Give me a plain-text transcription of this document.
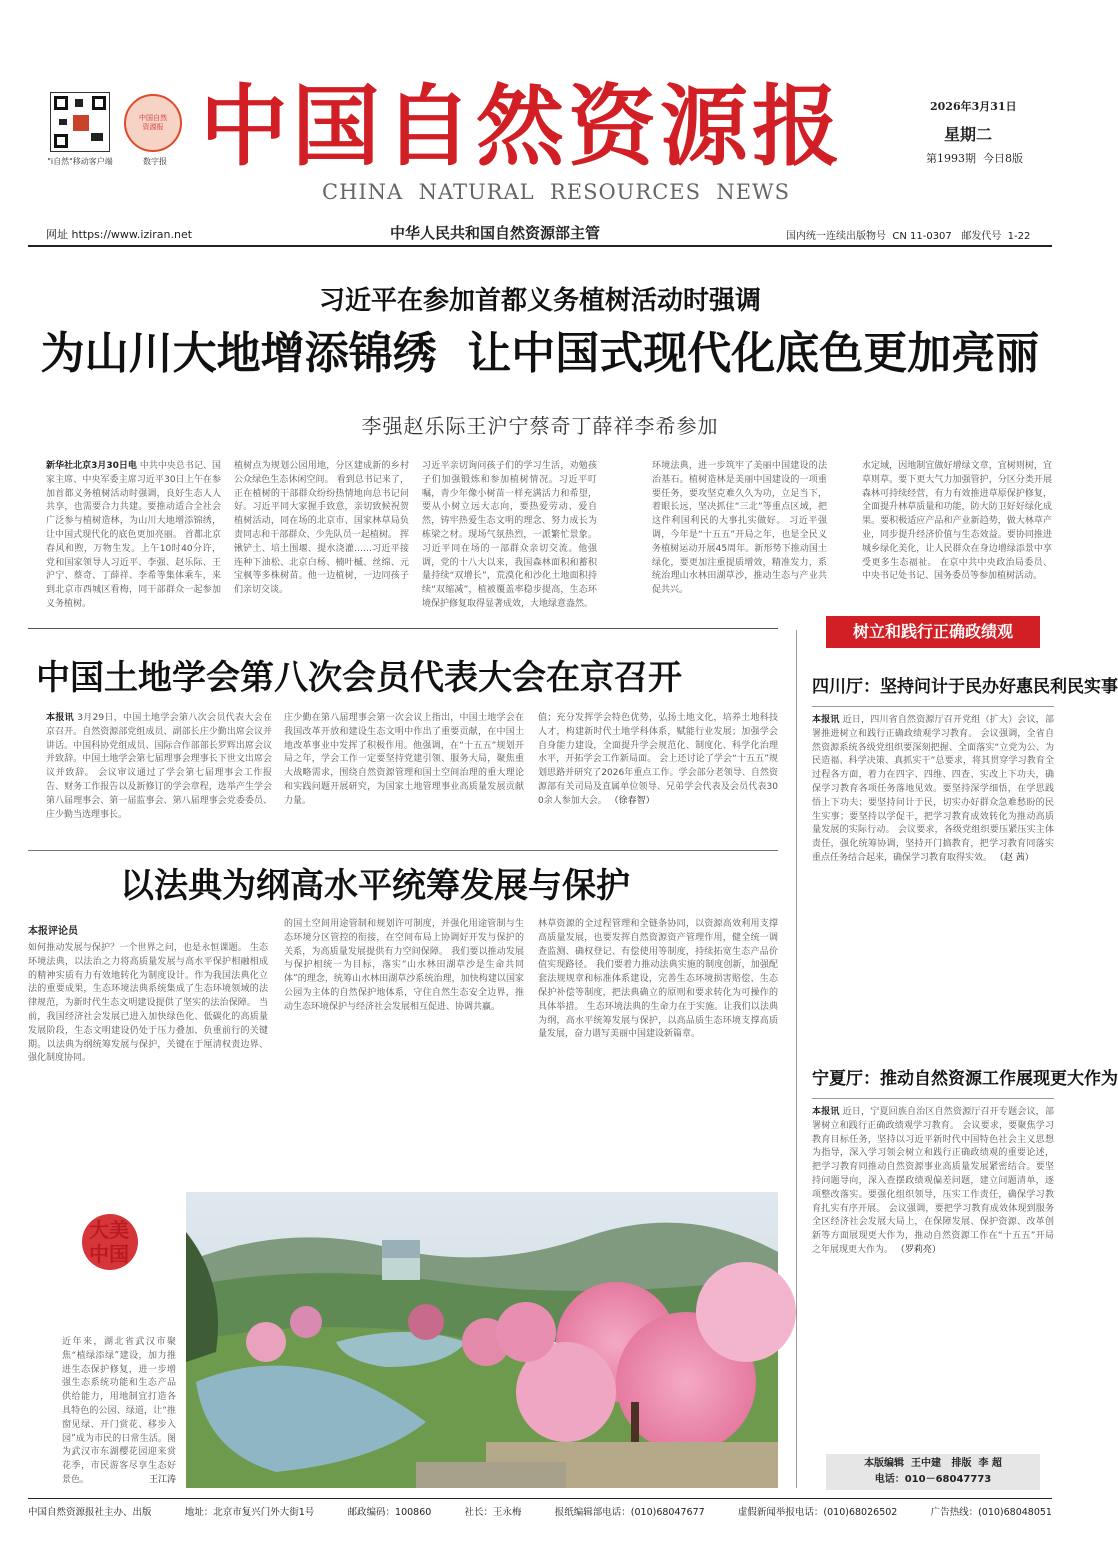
"i自然"移动客户端
中国自然资源报
数字报 中国自然资源报
CHINA  NATURAL  RESOURCES  NEWS
2026年3月31日
星期二
第1993期  今日8版
网址 https://www.iziran.net	中华人民共和国自然资源部主管	国内统一连续出版物号  CN 11-0307   邮发代号  1-22
习近平在参加首都义务植树活动时强调
为山川大地增添锦绣  让中国式现代化底色更加亮丽
李强赵乐际王沪宁蔡奇丁薛祥李希参加
新华社北京3月30日电 中共中央总书记、国家主席、中央军委主席习近平30日上午在参加首都义务植树活动时强调，良好生态人人共享，也需要合力共建。要推动适合全社会广泛参与植树造林，为山川大地增添锦绣，让中国式现代化的底色更加亮丽。 首都北京春风和煦，万物生发。上午10时40分许，党和国家领导人习近平、李强、赵乐际、王沪宁、蔡奇、丁薛祥、李希等集体乘车，来到北京市西城区看梅，同干部群众一起参加义务植树。
植树点为规划公园用地，分区建成新的乡村公众绿色生态休闲空间。 看到总书记来了，正在植树的干部群众纷纷热情地向总书记问好。习近平同大家握手致意，亲切致候祝贺植树活动，同在场的北京市、国家林草局负责同志和干部群众、少先队员一起植树。 挥锹铲土、培土围堰、提水浇灌……习近平接连种下油松、北京白杨、楠叶槭、丝绵、元宝枫等多株树苗。他一边植树，一边同孩子们亲切交谈。
习近平亲切询问孩子们的学习生活，劝勉孩子们加强锻炼和参加植树情况。习近平叮嘱，青少年像小树苗一样充满活力和希望，要从小树立远大志向，要热爱劳动、爱自然，铸牢热爱生态文明的理念、努力成长为栋梁之材。现场气氛热烈，一派繁忙景象。 习近平同在场的一部群众亲切交流。他强调，党的十八大以来，我国森林面积和蓄积量持续“双增长”，荒漠化和沙化土地面积持续“双缩减”，植被覆盖率稳步提高，生态环境保护修复取得显著成效，大地绿意盎然。
环境法典，进一步筑牢了美丽中国建设的法治基石。植树造林是美丽中国建设的一项重要任务，要攻坚克难久久为功，立足当下，着眼长远，坚决抓住“三北”等重点区域，把这件利国利民的大事扎实做好。 习近平强调，今年是“十五五”开局之年，也是全民义务植树运动开展45周年。新形势下推动国土绿化，要更加注重提质增效，精准发力，系统治理山水林田湖草沙，推动生态与产业共促共兴。
水定域，因地制宜做好增绿文章，宜树则树，宜草则草。要下更大气力加强管护，分区分类开展森林可持续经营，有力有效推进草原保护修复，全面提升林草质量和功能，防大防卫好好绿化成果。要积极适应产品和产业新趋势，做大林草产业，同步提升经济价值与生态效益。要协同推进城乡绿化美化，让人民群众在身边增绿添景中享受更多生态福祉。 在京中共中央政治局委员、中央书记处书记、国务委员等参加植树活动。
中国土地学会第八次会员代表大会在京召开
本报讯 3月29日，中国土地学会第八次会员代表大会在京召开。自然资源部党组成员、副部长庄少勤出席会议并讲话。中国科协党组成员、国际合作部部长罗辉出席会议并致辞。中国土地学会第七届理事会理事长下世文出席会议并致辞。 会议审议通过了学会第七届理事会工作报告、财务工作报告以及新修订的学会章程，选举产生学会第八届理事会、第一届监事会、第八届理事会党委委员、庄少勤当选理事长。
庄少勤在第八届理事会第一次会议上指出，中国土地学会在我国改革开放和建设生态文明中作出了重要贡献，在中国土地改革事业中发挥了积极作用。他强调，在“十五五”规划开局之年，学会工作一定要坚持党建引领、服务大局，聚焦重大战略需求，围绕自然资源管理和国土空间治理的重大理论和实践问题开展研究，为国家土地管理事业高质量发展贡献力量。
值；充分发挥学会特色优势，弘扬土地文化，培养土地科技人才，构建新时代土地学科体系，赋能行业发展；加强学会自身能力建设，全面提升学会规范化、制度化、科学化治理水平，开拓学会工作新局面。 会上还讨论了学会“十五五”规划思路并研究了2026年重点工作。学会部分老领导、自然资源部有关司局及直属单位领导、兄弟学会代表及会员代表300余人参加大会。 （徐春智）
以法典为纲高水平统筹发展与保护
本报评论员
如何推动发展与保护？一个世界之问，也是永恒课题。 生态环境法典，以法治之力将高质量发展与高水平保护相融相成的精神实质有力有效地转化为制度设计。作为我国法典化立法的重要成果，生态环境法典系统集成了生态环境领域的法律规范，为新时代生态文明建设提供了坚实的法治保障。 当前，我国经济社会发展已进入加快绿色化、低碳化的高质量发展阶段，生态文明建设仍处于压力叠加、负重前行的关键期。以法典为纲统筹发展与保护，关键在于厘清权责边界、强化制度协同。
的国土空间用途管制和规划许可制度，并强化用途管制与生态环境分区管控的衔接，在空间布局上协调好开发与保护的关系，为高质量发展提供有力空间保障。 我们要以推动发展与保护相统一为目标，落实“山水林田湖草沙是生命共同体”的理念，统筹山水林田湖草沙系统治理，加快构建以国家公园为主体的自然保护地体系，守住自然生态安全边界，推动生态环境保护与经济社会发展相互促进、协调共赢。
林草资源的全过程管理和全链条协同，以资源高效利用支撑高质量发展，也要发挥自然资源资产管理作用，健全统一调查监测、确权登记、有偿使用等制度，持续拓宽生态产品价值实现路径。 我们要着力推动法典实施的制度创新，加强配套法规规章和标准体系建设，完善生态环境损害赔偿、生态保护补偿等制度，把法典确立的原则和要求转化为可操作的具体举措。 生态环境法典的生命力在于实施。让我们以法典为纲，高水平统筹发展与保护，以高品质生态环境支撑高质量发展，奋力谱写美丽中国建设新篇章。
大美中国
近年来，湖北省武汉市聚焦“植绿添绿”建设，加力推进生态保护修复，进一步增强生态系统功能和生态产品供给能力，用地制宜打造各具特色的公园、绿道，让“推窗见绿、开门赏花、移步入园”成为市民的日常生活。图为武汉市东湖樱花园迎来赏花季，市民游客尽享生态好景色。	王江涛
树立和践行正确政绩观
四川厅：坚持问计于民办好惠民利民实事
本报讯 近日，四川省自然资源厅召开党组（扩大）会议，部署推进树立和践行正确政绩观学习教育。 会议强调，全省自然资源系统各级党组织要深刻把握、全面落实“立党为公、为民造福、科学决策、真抓实干”总要求，将其贯穿学习教育全过程各方面，着力在四字、四维、四查、实改上下功夫，确保学习教育各项任务落地见效。要坚持深学细悟，在学思践悟上下功夫；要坚持问计于民，切实办好群众急难愁盼的民生实事；要坚持以学促干，把学习教育成效转化为推动高质量发展的实际行动。 会议要求，各级党组织要压紧压实主体责任，强化统筹协调，坚持开门搞教育，把学习教育同落实重点任务结合起来，确保学习教育取得实效。 （赵 茜）
宁夏厅：推动自然资源工作展现更大作为
本报讯 近日，宁夏回族自治区自然资源厅召开专题会议，部署树立和践行正确政绩观学习教育。 会议要求，要聚焦学习教育目标任务，坚持以习近平新时代中国特色社会主义思想为指导，深入学习领会树立和践行正确政绩观的重要论述，把学习教育同推动自然资源事业高质量发展紧密结合。要坚持问题导向，深入查摆政绩观偏差问题，建立问题清单，逐项整改落实。要强化组织领导，压实工作责任，确保学习教育扎实有序开展。 会议强调，要把学习教育成效体现到服务全区经济社会发展大局上，在保障发展、保护资源、改革创新等方面展现更大作为，推动自然资源工作在“十五五”开局之年展现更大作为。 （罗莉亮）
本版编辑  王中建   排版  李 超
电话：010－68047773
中国自然资源报社主办、出版	地址：北京市复兴门外大街1号	邮政编码：100860	社长：王永梅	报纸编辑部电话：(010)68047677	虚假新闻举报电话：(010)68026502	广告热线：(010)68048051
